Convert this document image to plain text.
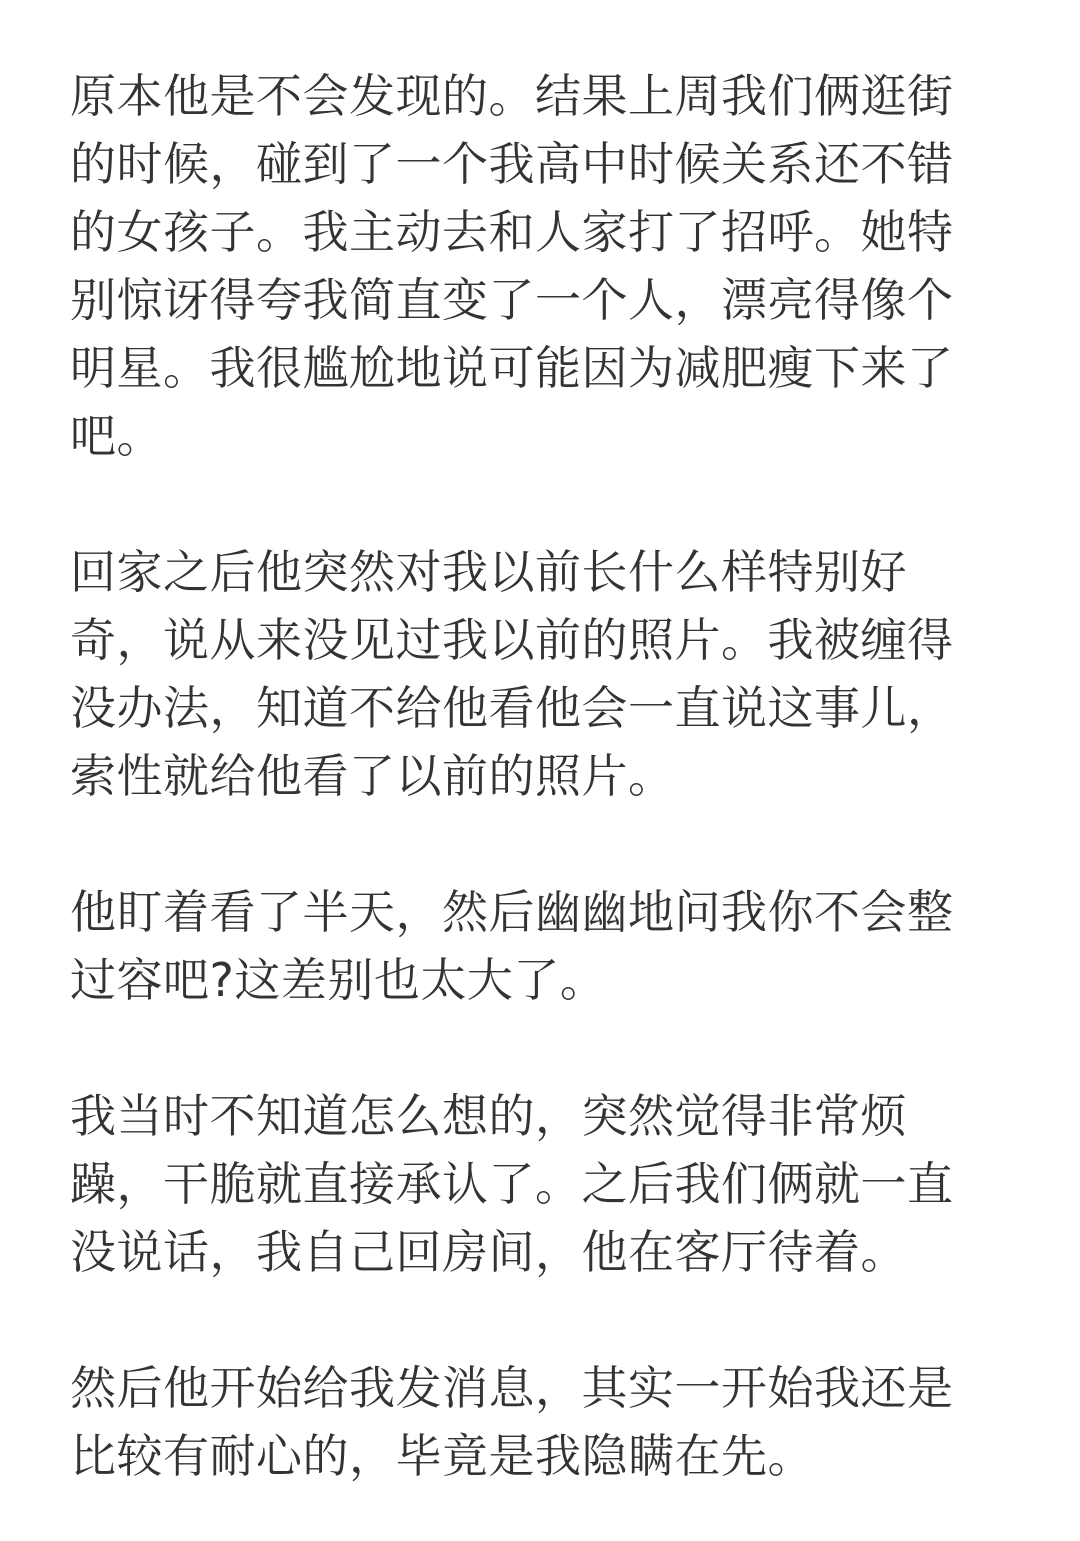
原本他是不会发现的。结果上周我们俩逛街
的时候，碰到了一个我高中时候关系还不错
的女孩子。我主动去和人家打了招呼。她特
别惊讶得夸我简直变了一个人，漂亮得像个
明星。我很尴尬地说可能因为减肥瘦下来了
吧。

回家之后他突然对我以前长什么样特别好
奇，说从来没见过我以前的照片。我被缠得
没办法，知道不给他看他会一直说这事儿，
索性就给他看了以前的照片。

他盯着看了半天，然后幽幽地问我你不会整
过容吧?这差别也太大了。

我当时不知道怎么想的，突然觉得非常烦
躁，干脆就直接承认了。之后我们俩就一直
没说话，我自己回房间，他在客厅待着。

然后他开始给我发消息，其实一开始我还是
比较有耐心的，毕竟是我隐瞒在先。
